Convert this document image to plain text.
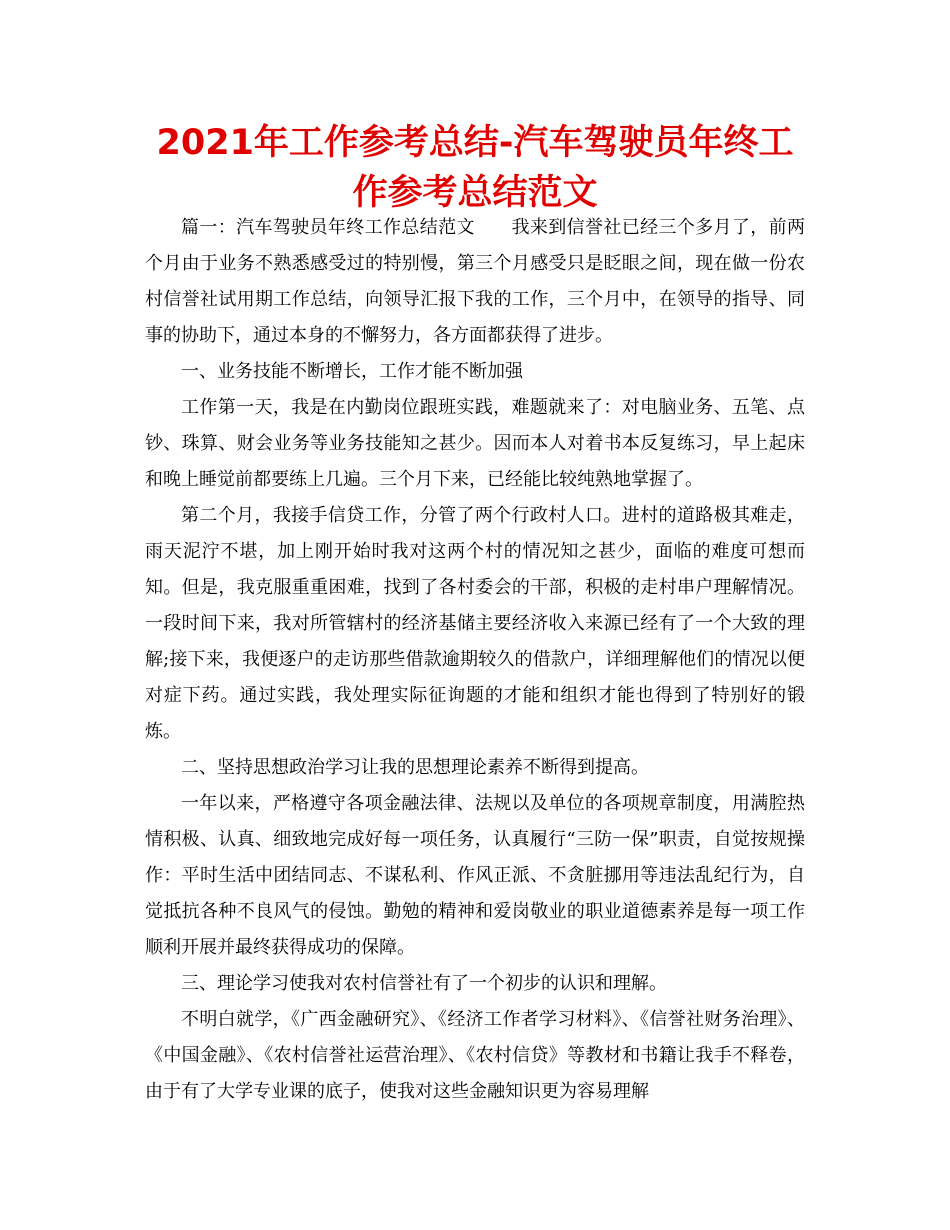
2021年工作参考总结-汽车驾驶员年终工作参考总结范文

篇一：汽车驾驶员年终工作总结范文　　我来到信誉社已经三个多月了，前两个月由于业务不熟悉感受过的特别慢，第三个月感受只是眨眼之间，现在做一份农村信誉社试用期工作总结，向领导汇报下我的工作，三个月中，在领导的指导、同事的协助下，通过本身的不懈努力，各方面都获得了进步。

一、业务技能不断增长，工作才能不断加强

工作第一天，我是在内勤岗位跟班实践，难题就来了：对电脑业务、五笔、点钞、珠算、财会业务等业务技能知之甚少。因而本人对着书本反复练习，早上起床和晚上睡觉前都要练上几遍。三个月下来，已经能比较纯熟地掌握了。

第二个月，我接手信贷工作，分管了两个行政村人口。进村的道路极其难走，雨天泥泞不堪，加上刚开始时我对这两个村的情况知之甚少，面临的难度可想而知。但是，我克服重重困难，找到了各村委会的干部，积极的走村串户理解情况。一段时间下来，我对所管辖村的经济基储主要经济收入来源已经有了一个大致的理解;接下来，我便逐户的走访那些借款逾期较久的借款户，详细理解他们的情况以便对症下药。通过实践，我处理实际征询题的才能和组织才能也得到了特别好的锻炼。

二、坚持思想政治学习让我的思想理论素养不断得到提高。

一年以来，严格遵守各项金融法律、法规以及单位的各项规章制度，用满腔热情积极、认真、细致地完成好每一项任务，认真履行“三防一保”职责，自觉按规操作：平时生活中团结同志、不谋私利、作风正派、不贪脏挪用等违法乱纪行为，自觉抵抗各种不良风气的侵蚀。勤勉的精神和爱岗敬业的职业道德素养是每一项工作顺利开展并最终获得成功的保障。

三、理论学习使我对农村信誉社有了一个初步的认识和理解。

不明白就学，《广西金融研究》、《经济工作者学习材料》、《信誉社财务治理》、《中国金融》、《农村信誉社运营治理》、《农村信贷》等教材和书籍让我手不释卷，由于有了大学专业课的底子，使我对这些金融知识更为容易理解
